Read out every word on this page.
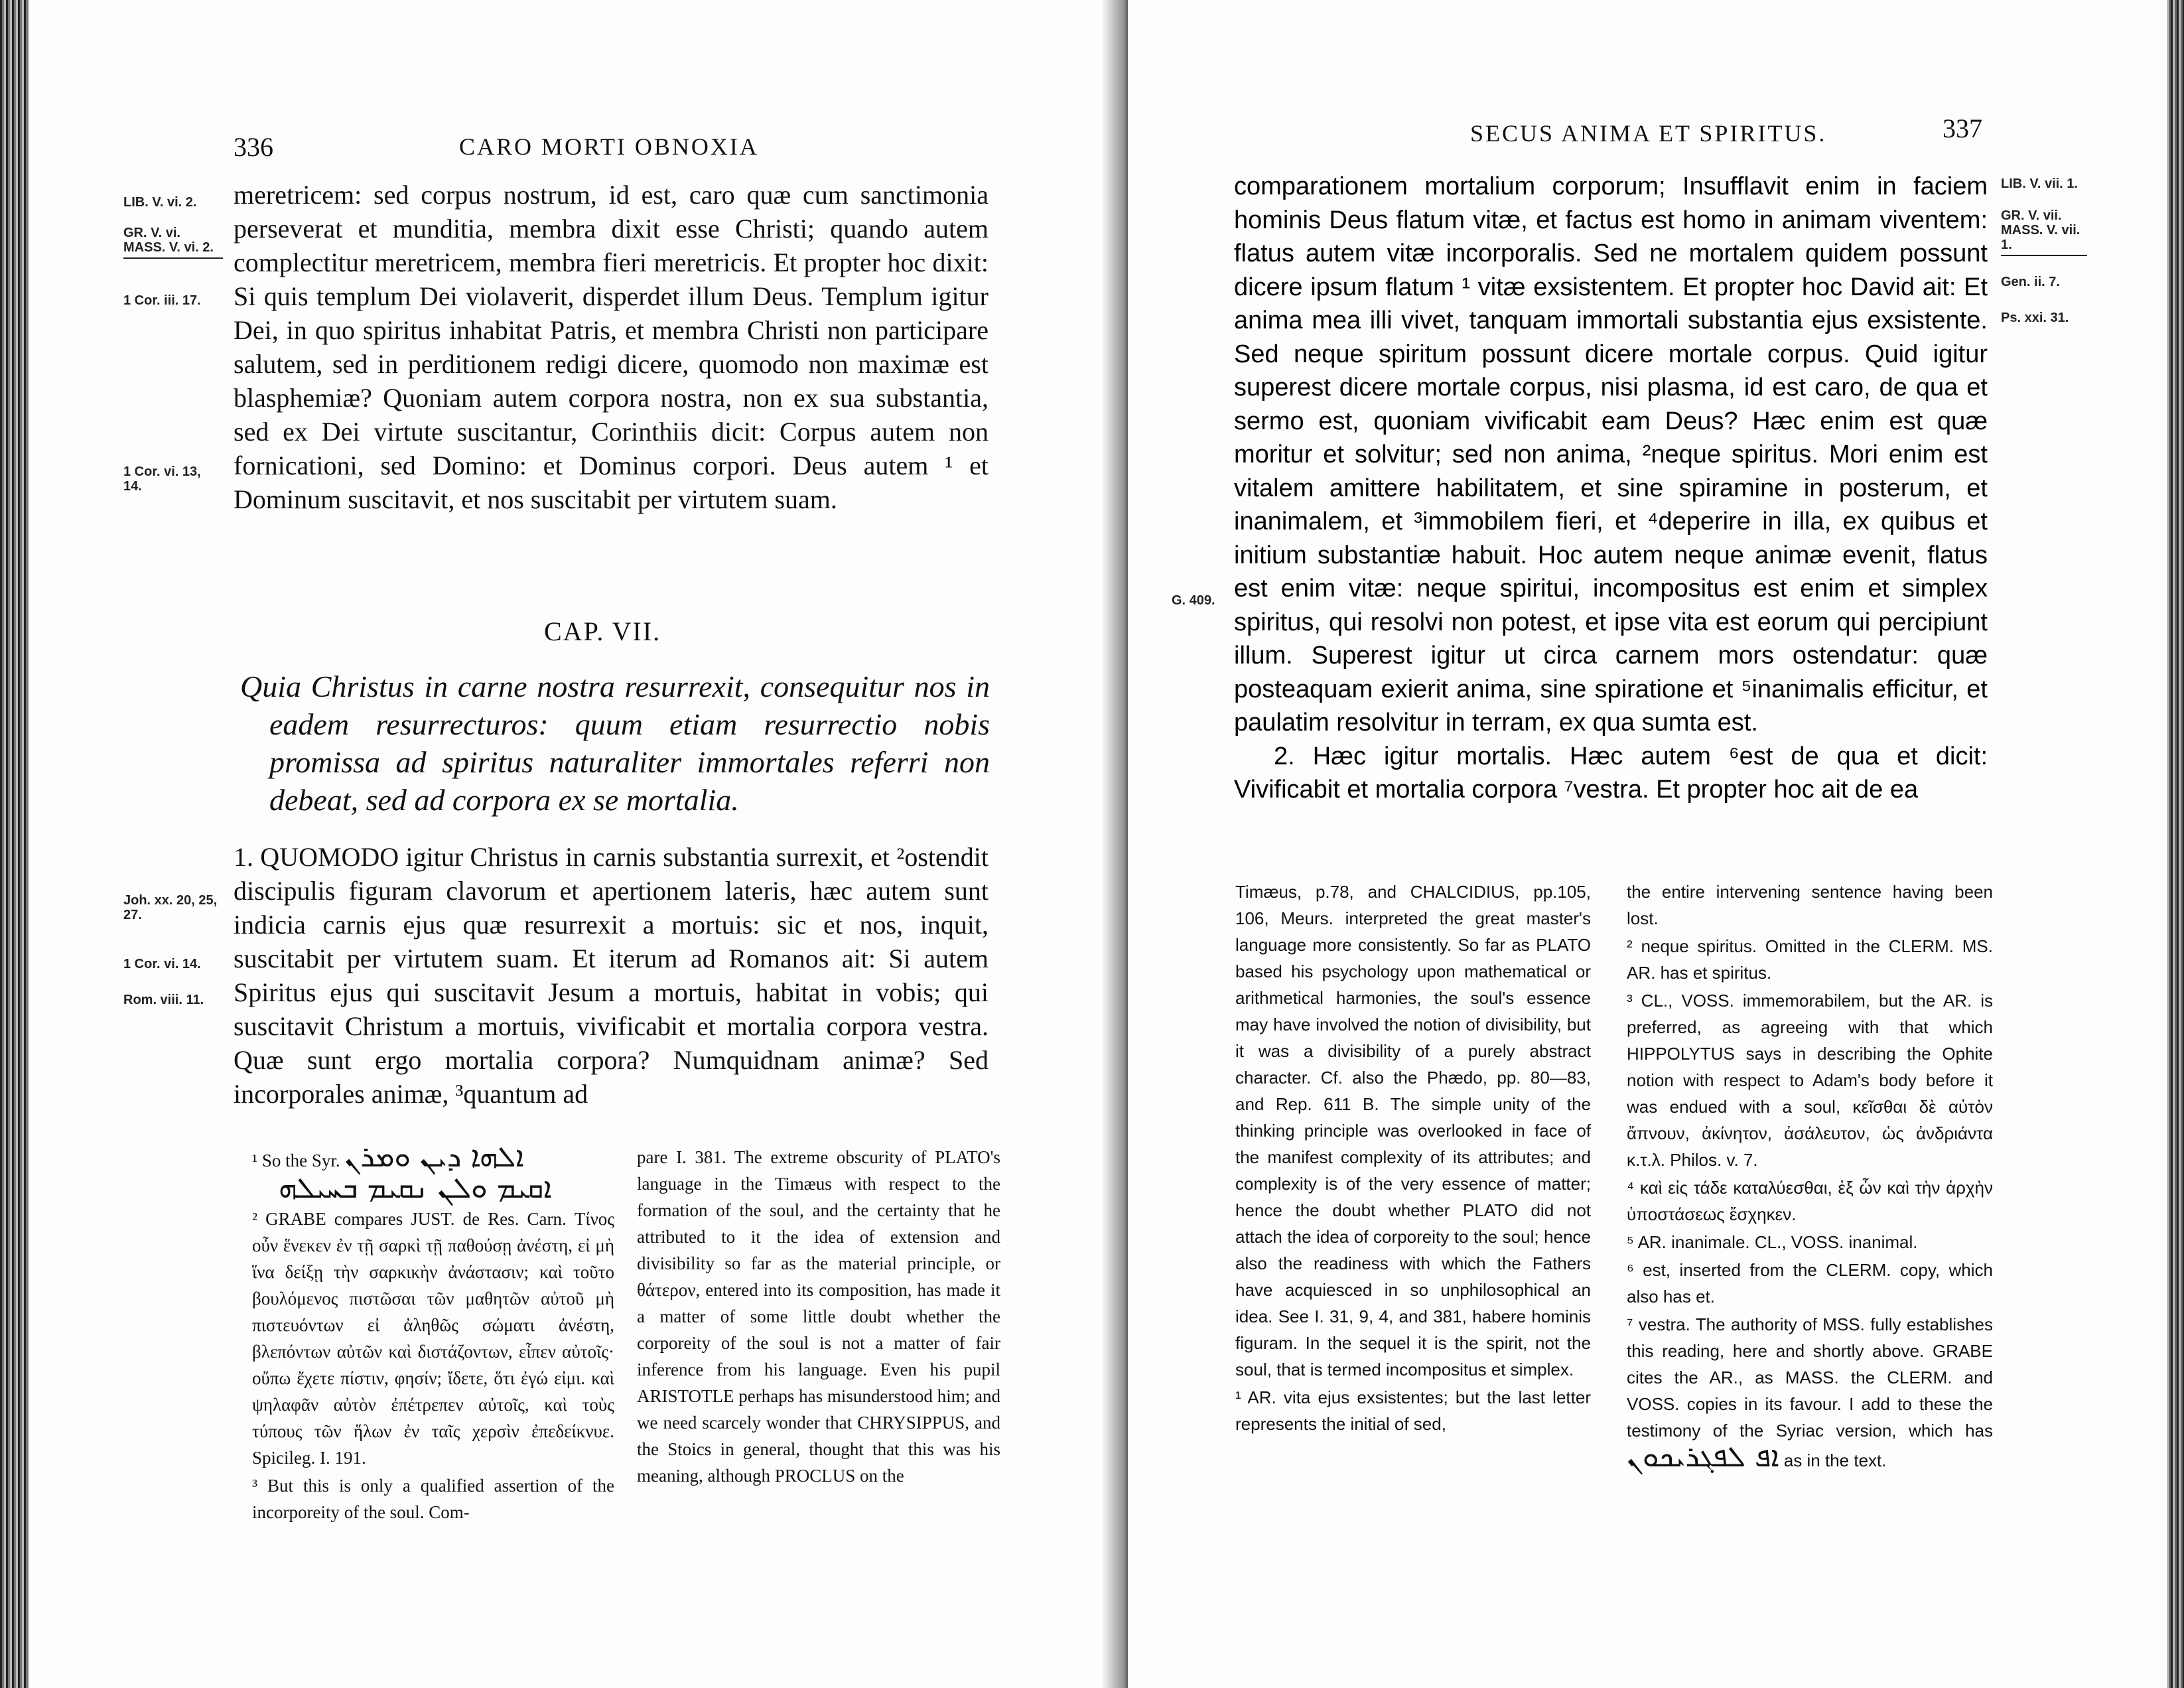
336	CARO MORTI OBNOXIA
LIB. V. vi. 2.
GR. V. vi. MASS. V. vi. 2.
1 Cor. iii. 17.
1 Cor. vi. 13, 14.
Joh. xx. 20, 25, 27.
1 Cor. vi. 14.
Rom. viii. 11.

meretricem: sed corpus nostrum, id est, caro quæ cum sanctimonia perseverat et munditia, membra dixit esse Christi; quando autem complectitur meretricem, membra fieri meretricis. Et propter hoc dixit: Si quis templum Dei violaverit, disperdet illum Deus. Templum igitur Dei, in quo spiritus inhabitat Patris, et membra Christi non participare salutem, sed in perditionem redigi dicere, quomodo non maximæ est blasphemiæ? Quoniam autem corpora nostra, non ex sua substantia, sed ex Dei virtute suscitantur, Corinthiis dicit: Corpus autem non fornicationi, sed Domino: et Dominus corpori. Deus autem ¹ et Dominum suscitavit, et nos suscitabit per virtutem suam.

CAP. VII.

Quia Christus in carne nostra resurrexit, consequitur nos in eadem resurrecturos: quum etiam resurrectio nobis promissa ad spiritus naturaliter immortales referri non debeat, sed ad corpora ex se mortalia.

1. QUOMODO igitur Christus in carnis substantia surrexit, et ²ostendit discipulis figuram clavorum et apertionem lateris, hæc autem sunt indicia carnis ejus quæ resurrexit a mortuis: sic et nos, inquit, suscitabit per virtutem suam. Et iterum ad Romanos ait: Si autem Spiritus ejus qui suscitavit Jesum a mortuis, habitat in vobis; qui suscitavit Christum a mortuis, vivificabit et mortalia corpora vestra. Quæ sunt ergo mortalia corpora? Numquidnam animæ? Sed incorporales animæ, ³quantum ad

¹ So the Syr. ܐܠܗܐ ܕܝܢ ܘܡܪܢ
ܐܩܝܡ ܘܠܢ ܢܩܝܡ ܒܚܝܠܗ

² GRABE compares JUST. de Res. Carn. Τίνος οὖν ἕνεκεν ἐν τῇ σαρκὶ τῇ παθούσῃ ἀνέστη, εἰ μὴ ἵνα δείξῃ τὴν σαρκικὴν ἀνάστασιν; καὶ τοῦτο βουλόμενος πιστῶσαι τῶν μαθητῶν αὐτοῦ μὴ πιστευόντων εἰ ἀληθῶς σώματι ἀνέστη, βλεπόντων αὐτῶν καὶ διστάζοντων, εἶπεν αὐτοῖς· οὔπω ἔχετε πίστιν, φησίν; ἴδετε, ὅτι ἐγώ εἰμι. καὶ ψηλαφᾶν αὐτὸν ἐπέτρεπεν αὐτοῖς, καὶ τοὺς τύπους τῶν ἥλων ἐν ταῖς χερσὶν ἐπεδείκνυε. Spicileg. I. 191.

³ But this is only a qualified assertion of the incorporeity of the soul. Com-

pare I. 381. The extreme obscurity of PLATO's language in the Timæus with respect to the formation of the soul, and the certainty that he attributed to it the idea of extension and divisibility so far as the material principle, or θάτερον, entered into its composition, has made it a matter of some little doubt whether the corporeity of the soul is not a matter of fair inference from his language. Even his pupil ARISTOTLE perhaps has misunderstood him; and we need scarcely wonder that CHRYSIPPUS, and the Stoics in general, thought that this was his meaning, although PROCLUS on the

SECUS ANIMA ET SPIRITUS.	337
LIB. V. vii. 1.
GR. V. vii. MASS. V. vii. 1.
Gen. ii. 7.
Ps. xxi. 31.
G. 409.

comparationem mortalium corporum; Insufflavit enim in faciem hominis Deus flatum vitæ, et factus est homo in animam viventem: flatus autem vitæ incorporalis. Sed ne mortalem quidem possunt dicere ipsum flatum ¹ vitæ exsistentem. Et propter hoc David ait: Et anima mea illi vivet, tanquam immortali substantia ejus exsistente. Sed neque spiritum possunt dicere mortale corpus. Quid igitur superest dicere mortale corpus, nisi plasma, id est caro, de qua et sermo est, quoniam vivificabit eam Deus? Hæc enim est quæ moritur et solvitur; sed non anima, ²neque spiritus. Mori enim est vitalem amittere habilitatem, et sine spiramine in posterum, et inanimalem, et ³immobilem fieri, et ⁴deperire in illa, ex quibus et initium substantiæ habuit. Hoc autem neque animæ evenit, flatus est enim vitæ: neque spiritui, incompositus est enim et simplex spiritus, qui resolvi non potest, et ipse vita est eorum qui percipiunt illum. Superest igitur ut circa carnem mors ostendatur: quæ posteaquam exierit anima, sine spiratione et ⁵inanimalis efficitur, et paulatim resolvitur in terram, ex qua sumta est.

2. Hæc igitur mortalis. Hæc autem ⁶est de qua et dicit: Vivificabit et mortalia corpora ⁷vestra. Et propter hoc ait de ea

Timæus, p.78, and CHALCIDIUS, pp.105, 106, Meurs. interpreted the great master's language more consistently. So far as PLATO based his psychology upon mathematical or arithmetical harmonies, the soul's essence may have involved the notion of divisibility, but it was a divisibility of a purely abstract character. Cf. also the Phædo, pp. 80—83, and Rep. 611 B. The simple unity of the thinking principle was overlooked in face of the manifest complexity of its attributes; and complexity is of the very essence of matter; hence the doubt whether PLATO did not attach the idea of corporeity to the soul; hence also the readiness with which the Fathers have acquiesced in so unphilosophical an idea. See I. 31, 9, 4, and 381, habere hominis figuram. In the sequel it is the spirit, not the soul, that is termed incompositus et simplex.

¹ AR. vita ejus exsistentes; but the last letter represents the initial of sed,

the entire intervening sentence having been lost.

² neque spiritus. Omitted in the CLERM. MS. AR. has et spiritus.

³ CL., VOSS. immemorabilem, but the AR. is preferred, as agreeing with that which HIPPOLYTUS says in describing the Ophite notion with respect to Adam's body before it was endued with a soul, κεῖσθαι δὲ αὐτὸν ἄπνουν, ἀκίνητον, ἀσάλευτον, ὡς ἀνδριάντα κ.τ.λ. Philos. v. 7.

⁴ καὶ εἰς τάδε καταλύεσθαι, ἐξ ὧν καὶ τὴν ἀρχὴν ὑποστάσεως ἔσχηκεν.

⁵ AR. inanimale. CL., VOSS. inanimal.

⁶ est, inserted from the CLERM. copy, which also has et.

⁷ vestra. The authority of MSS. fully establishes this reading, here and shortly above. GRABE cites the AR., as MASS. the CLERM. and VOSS. copies in its favour. I add to these the testimony of the Syriac version, which has ܐܦ ܠܦܓܪܝܟܘܢ as in the text.
